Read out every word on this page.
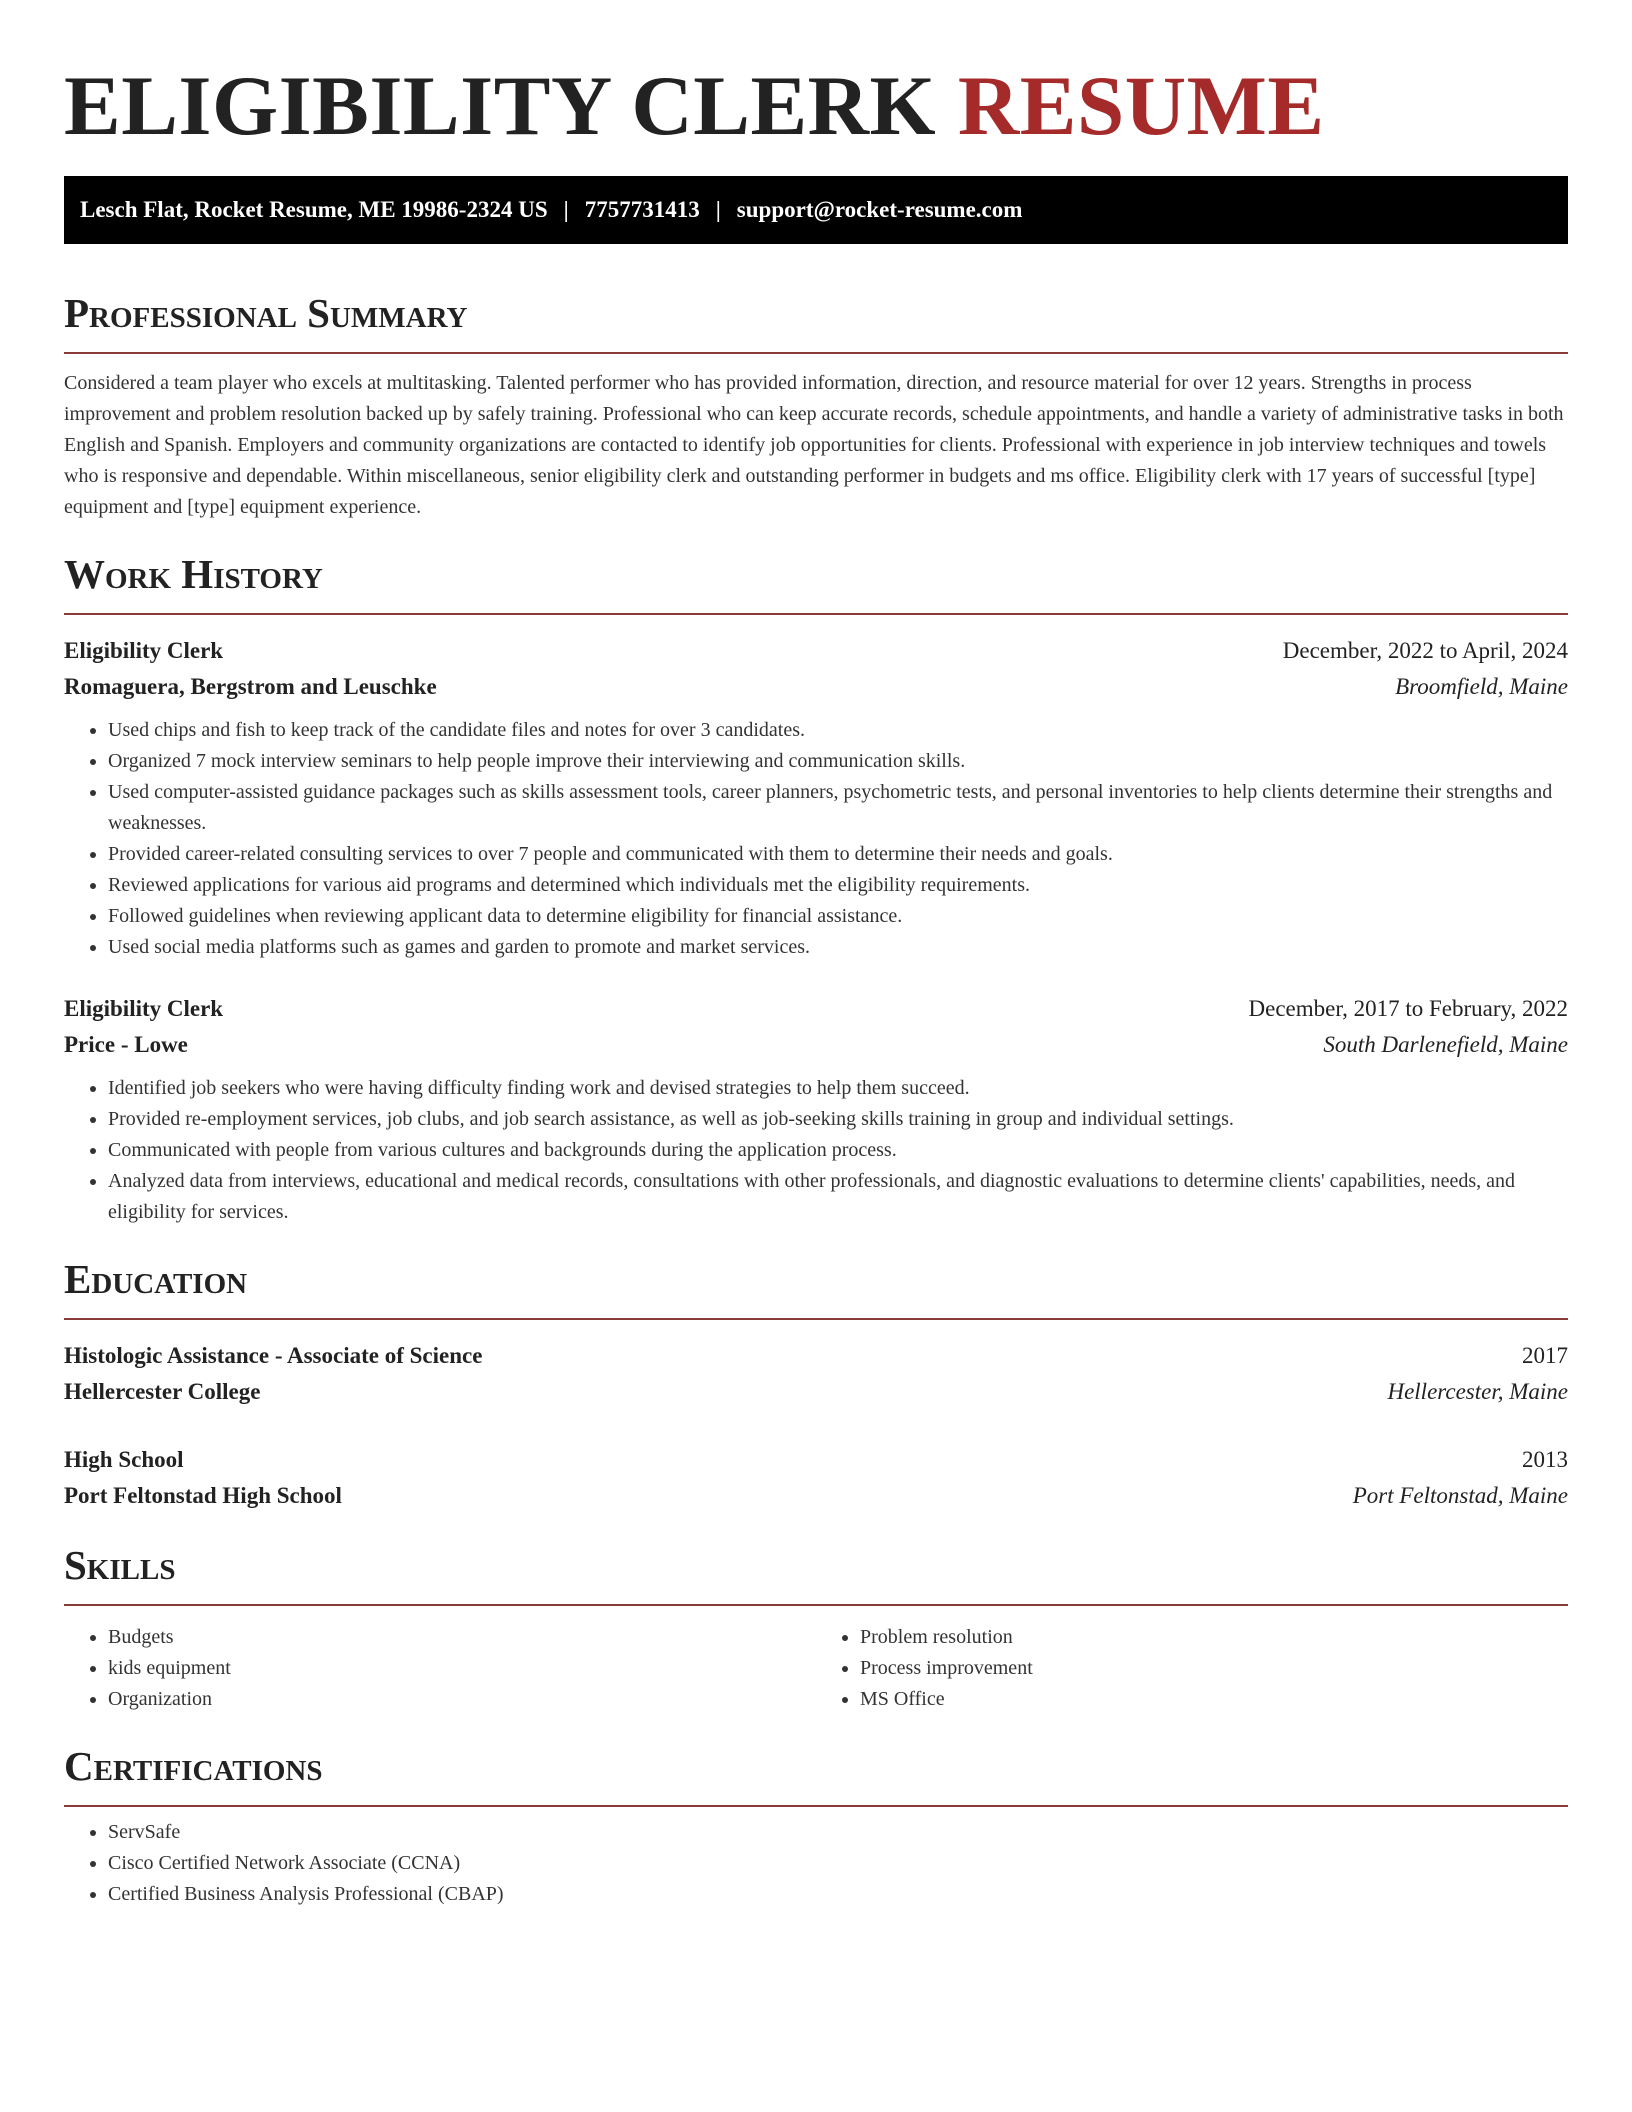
ELIGIBILITY CLERK RESUME
Lesch Flat, Rocket Resume, ME 19986-2324 US | 7757731413 | support@rocket-resume.com
Professional Summary

Considered a team player who excels at multitasking. Talented performer who has provided information, direction, and resource material for over 12 years. Strengths in process improvement and problem resolution backed up by safely training. Professional who can keep accurate records, schedule appointments, and handle a variety of administrative tasks in both English and Spanish. Employers and community organizations are contacted to identify job opportunities for clients. Professional with experience in job interview techniques and towels who is responsive and dependable. Within miscellaneous, senior eligibility clerk and outstanding performer in budgets and ms office. Eligibility clerk with 17 years of successful [type] equipment and [type] equipment experience.

Work History
Eligibility Clerk	December, 2022 to April, 2024
Romaguera, Bergstrom and Leuschke	Broomfield, Maine
• Used chips and fish to keep track of the candidate files and notes for over 3 candidates.
• Organized 7 mock interview seminars to help people improve their interviewing and communication skills.
• Used computer-assisted guidance packages such as skills assessment tools, career planners, psychometric tests, and personal inventories to help clients determine their strengths and weaknesses.
• Provided career-related consulting services to over 7 people and communicated with them to determine their needs and goals.
• Reviewed applications for various aid programs and determined which individuals met the eligibility requirements.
• Followed guidelines when reviewing applicant data to determine eligibility for financial assistance.
• Used social media platforms such as games and garden to promote and market services.
Eligibility Clerk	December, 2017 to February, 2022
Price - Lowe	South Darlenefield, Maine
• Identified job seekers who were having difficulty finding work and devised strategies to help them succeed.
• Provided re-employment services, job clubs, and job search assistance, as well as job-seeking skills training in group and individual settings.
• Communicated with people from various cultures and backgrounds during the application process.
• Analyzed data from interviews, educational and medical records, consultations with other professionals, and diagnostic evaluations to determine clients' capabilities, needs, and eligibility for services.
Education
Histologic Assistance - Associate of Science	2017
Hellercester College	Hellercester, Maine
High School	2013
Port Feltonstad High School	Port Feltonstad, Maine
Skills
• Budgets
• kids equipment
• Organization
• Problem resolution
• Process improvement
• MS Office
Certifications
• ServSafe
• Cisco Certified Network Associate (CCNA)
• Certified Business Analysis Professional (CBAP)
